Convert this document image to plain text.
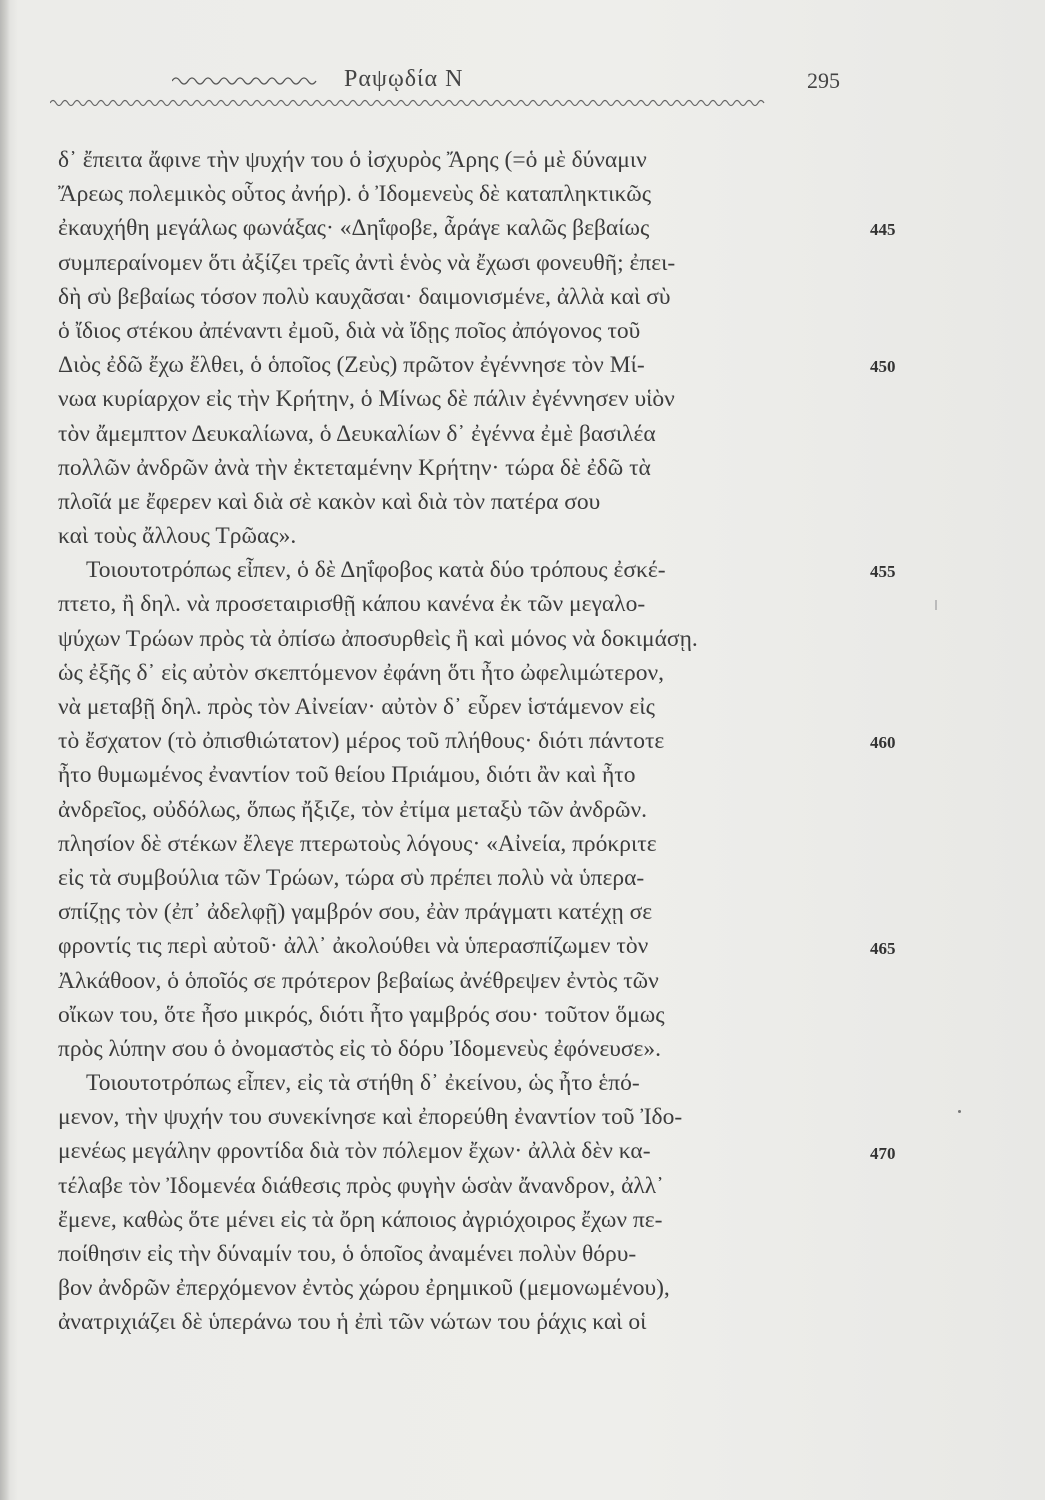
Ραψῳδία Ν	295
δ᾽ ἔπειτα ἄφινε τὴν ψυχήν του ὁ ἰσχυρὸς Ἄρης (=ὁ μὲ δύναμιν
Ἄρεως πολεμικὸς οὗτος ἀνήρ). ὁ Ἰδομενεὺς δὲ καταπληκτικῶς
ἐκαυχήθη μεγάλως φωνάξας· «Δηΐφοβε, ἆράγε καλῶς βεβαίως
συμπεραίνομεν ὅτι ἀξίζει τρεῖς ἀντὶ ἑνὸς νὰ ἔχωσι φονευθῆ; ἐπει-
δὴ σὺ βεβαίως τόσον πολὺ καυχᾶσαι· δαιμονισμένε, ἀλλὰ καὶ σὺ
ὁ ἴδιος στέκου ἀπέναντι ἐμοῦ, διὰ νὰ ἴδῃς ποῖος ἀπόγονος τοῦ
Διὸς ἐδῶ ἔχω ἔλθει, ὁ ὁποῖος (Ζεὺς) πρῶτον ἐγέννησε τὸν Μί-
νωα κυρίαρχον εἰς τὴν Κρήτην, ὁ Μίνως δὲ πάλιν ἐγέννησεν υἱὸν
τὸν ἄμεμπτον Δευκαλίωνα, ὁ Δευκαλίων δ᾽ ἐγέννα ἐμὲ βασιλέα
πολλῶν ἀνδρῶν ἀνὰ τὴν ἐκτεταμένην Κρήτην· τώρα δὲ ἐδῶ τὰ
πλοῖά με ἔφερεν καὶ διὰ σὲ κακὸν καὶ διὰ τὸν πατέρα σου
καὶ τοὺς ἄλλους Τρῶας».
Τοιουτοτρόπως εἶπεν, ὁ δὲ Δηΐφοβος κατὰ δύο τρόπους ἐσκέ-
πτετο, ἢ δηλ. νὰ προσεταιρισθῇ κάπου κανένα ἐκ τῶν μεγαλο-
ψύχων Τρώων πρὸς τὰ ὀπίσω ἀποσυρθεὶς ἢ καὶ μόνος νὰ δοκιμάσῃ.
ὡς ἐξῆς δ᾽ εἰς αὐτὸν σκεπτόμενον ἐφάνη ὅτι ἦτο ὠφελιμώτερον,
νὰ μεταβῇ δηλ. πρὸς τὸν Αἰνείαν· αὐτὸν δ᾽ εὗρεν ἱστάμενον εἰς
τὸ ἔσχατον (τὸ ὀπισθιώτατον) μέρος τοῦ πλήθους· διότι πάντοτε
ἦτο θυμωμένος ἐναντίον τοῦ θείου Πριάμου, διότι ἂν καὶ ἦτο
ἀνδρεῖος, οὐδόλως, ὅπως ἤξιζε, τὸν ἐτίμα μεταξὺ τῶν ἀνδρῶν.
πλησίον δὲ στέκων ἔλεγε πτερωτοὺς λόγους· «Αἰνεία, πρόκριτε
εἰς τὰ συμβούλια τῶν Τρώων, τώρα σὺ πρέπει πολὺ νὰ ὑπερα-
σπίζῃς τὸν (ἐπ᾽ ἀδελφῇ) γαμβρόν σου, ἐὰν πράγματι κατέχῃ σε
φροντίς τις περὶ αὐτοῦ· ἀλλ᾽ ἀκολούθει νὰ ὑπερασπίζωμεν τὸν
Ἀλκάθοον, ὁ ὁποῖός σε πρότερον βεβαίως ἀνέθρεψεν ἐντὸς τῶν
οἴκων του, ὅτε ἦσο μικρός, διότι ἦτο γαμβρός σου· τοῦτον ὅμως
πρὸς λύπην σου ὁ ὀνομαστὸς εἰς τὸ δόρυ Ἰδομενεὺς ἐφόνευσε».
Τοιουτοτρόπως εἶπεν, εἰς τὰ στήθη δ᾽ ἐκείνου, ὡς ἦτο ἑπό-
μενον, τὴν ψυχήν του συνεκίνησε καὶ ἐπορεύθη ἐναντίον τοῦ Ἰδο-
μενέως μεγάλην φροντίδα διὰ τὸν πόλεμον ἔχων· ἀλλὰ δὲν κα-
τέλαβε τὸν Ἰδομενέα διάθεσις πρὸς φυγὴν ὡσὰν ἄνανδρον, ἀλλ᾽
ἔμενε, καθὼς ὅτε μένει εἰς τὰ ὄρη κάποιος ἀγριόχοιρος ἔχων πε-
ποίθησιν εἰς τὴν δύναμίν του, ὁ ὁποῖος ἀναμένει πολὺν θόρυ-
βον ἀνδρῶν ἐπερχόμενον ἐντὸς χώρου ἐρημικοῦ (μεμονωμένου),
ἀνατριχιάζει δὲ ὑπεράνω του ἡ ἐπὶ τῶν νώτων του ῥάχις καὶ οἱ
445
450
455
460
465
470
